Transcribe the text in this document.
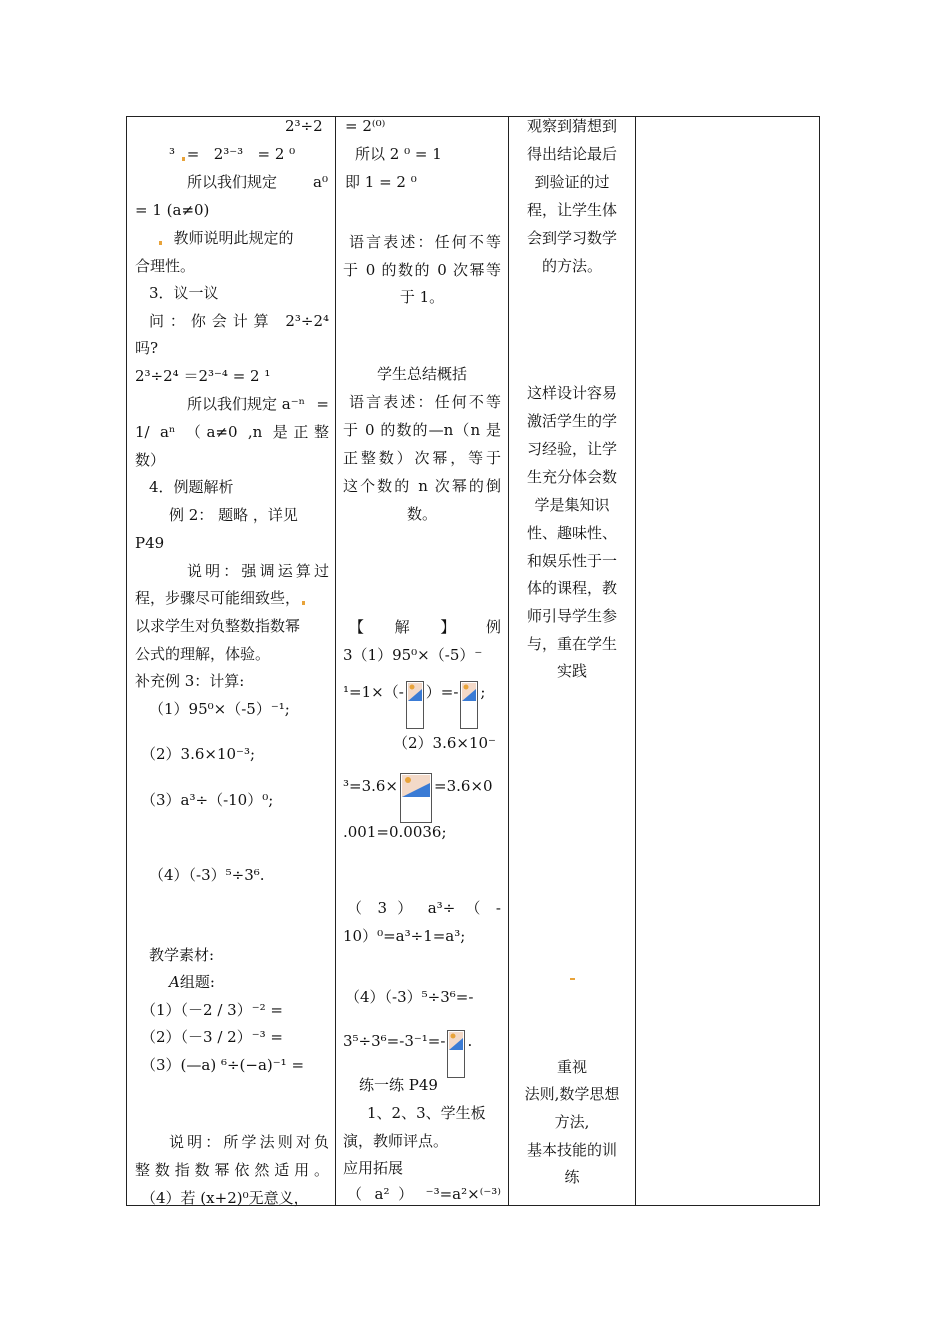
2³÷2
³ = 2³⁻³ = 2 ⁰
所以我们规定 a⁰
= 1 (a≠0)
教师说明此规定的
合理性。
3．议一议
问：你会计算 2³÷2⁴
吗?
2³÷2⁴ ＝2³⁻⁴ = 2 ¹
所以我们规定 a⁻ⁿ =
1/ aⁿ （a≠0 ,n 是正整
数）
4．例题解析
例 2： 题略 ，详见
P49
说明：强调运算过
程，步骤尽可能细致些，
以求学生对负整数指数幂
公式的理解，体验。
补充例 3：计算:
（1）95⁰×（-5）⁻¹;
（2）3.6×10⁻³;
（3）a³÷（-10）⁰;
（4）（-3）⁵÷3⁶.
教学素材:
A组题:
（1）（－2 / 3）⁻² =
（2）（－3 / 2）⁻³ =
（3）(—a) ⁶÷(−a)⁻¹ =
说明：所学法则对负
整数指数幂依然适用。
（4）若 (x+2)⁰无意义，
= 2⁽⁰⁾
所以 2 ⁰ = 1
即 1 = 2 ⁰
语言表述：任何不等
于 0 的数的 0 次幂等
于 1。
学生总结概括
语言表述：任何不等
于 0 的数的—n（n 是
正整数）次幂，等于
这个数的 n 次幂的倒
数。
【 解 】 例
3（1）95⁰×（-5）⁻
¹=1×（- ）=- ;
（2）3.6×10⁻
³=3.6× =3.6×0
.001=0.0036;
（ 3 ） a³÷ （ -
10）⁰=a³÷1=a³;
（4）（-3）⁵÷3⁶=-
3⁵÷3⁶=-3⁻¹=- .
练一练 P49
1、2、3、学生板
演，教师评点。
应用拓展
（ a² ） ⁻³=a²×⁽⁻³⁾
观察到猜想到
得出结论最后
到验证的过
程，让学生体
会到学习数学
的方法。
这样设计容易
激活学生的学
习经验，让学
生充分体会数
学是集知识
性、趣味性、
和娱乐性于一
体的课程，教
师引导学生参
与，重在学生
实践
重视
法则,数学思想
方法,
基本技能的训
练
